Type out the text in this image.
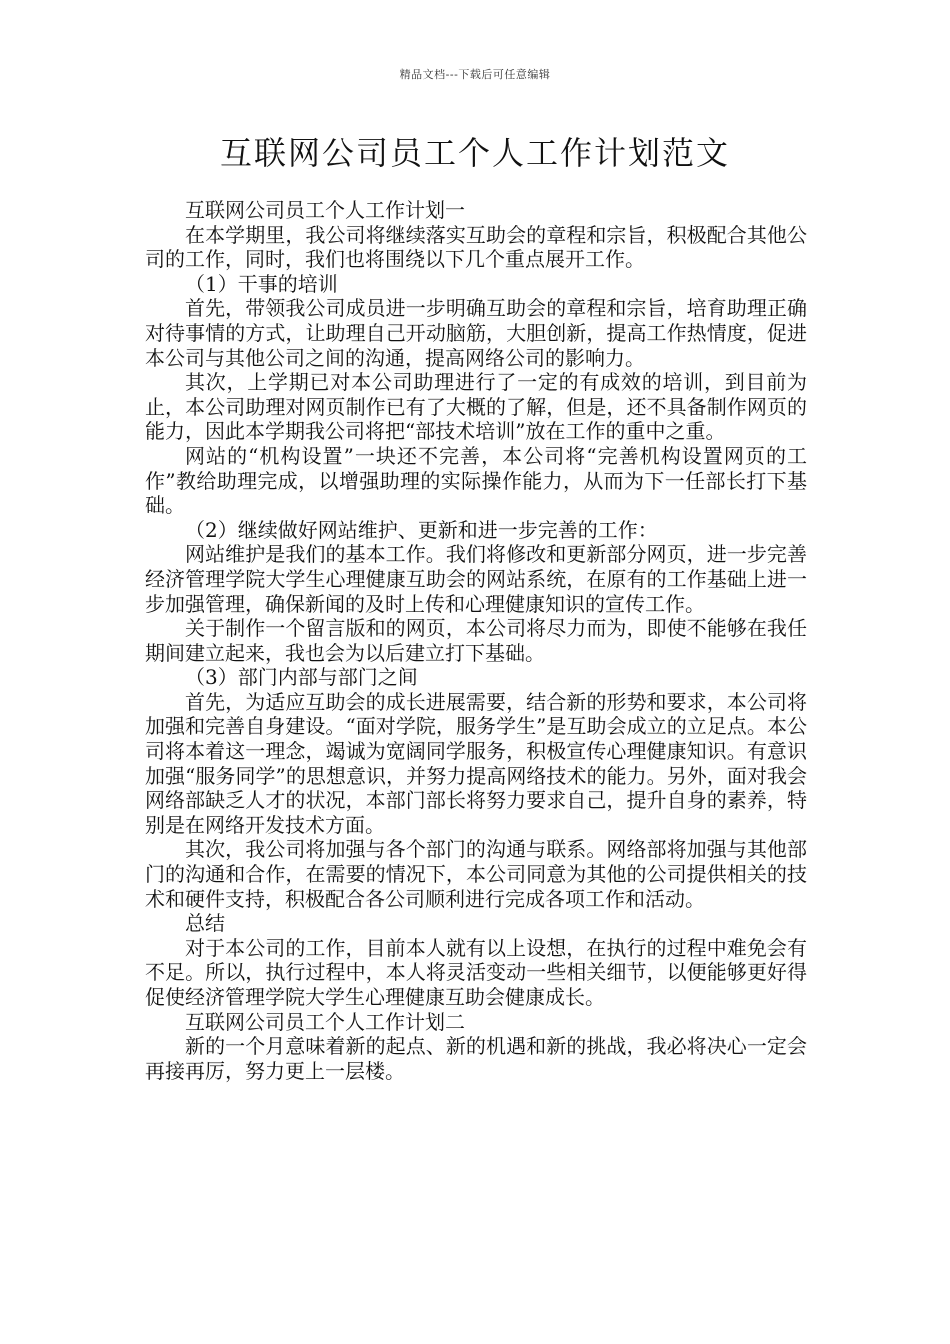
精品文档---下载后可任意编辑
互联网公司员工个人工作计划范文

互联网公司员工个人工作计划一

在本学期里，我公司将继续落实互助会的章程和宗旨，积极配合其他公司的工作，同时，我们也将围绕以下几个重点展开工作。

（1）干事的培训

首先，带领我公司成员进一步明确互助会的章程和宗旨，培育助理正确对待事情的方式，让助理自己开动脑筋，大胆创新，提高工作热情度，促进本公司与其他公司之间的沟通，提高网络公司的影响力。

其次，上学期已对本公司助理进行了一定的有成效的培训，到目前为止，本公司助理对网页制作已有了大概的了解，但是，还不具备制作网页的能力，因此本学期我公司将把“部技术培训”放在工作的重中之重。

网站的“机构设置”一块还不完善，本公司将“完善机构设置网页的工作”教给助理完成，以增强助理的实际操作能力，从而为下一任部长打下基础。

（2）继续做好网站维护、更新和进一步完善的工作：

网站维护是我们的基本工作。我们将修改和更新部分网页，进一步完善经济管理学院大学生心理健康互助会的网站系统，在原有的工作基础上进一步加强管理，确保新闻的及时上传和心理健康知识的宣传工作。

关于制作一个留言版和的网页，本公司将尽力而为，即使不能够在我任期间建立起来，我也会为以后建立打下基础。

（3）部门内部与部门之间

首先，为适应互助会的成长进展需要，结合新的形势和要求，本公司将加强和完善自身建设。“面对学院，服务学生”是互助会成立的立足点。本公司将本着这一理念，竭诚为宽阔同学服务，积极宣传心理健康知识。有意识加强“服务同学”的思想意识，并努力提高网络技术的能力。另外，面对我会网络部缺乏人才的状况，本部门部长将努力要求自己，提升自身的素养，特别是在网络开发技术方面。

其次，我公司将加强与各个部门的沟通与联系。网络部将加强与其他部门的沟通和合作，在需要的情况下，本公司同意为其他的公司提供相关的技术和硬件支持，积极配合各公司顺利进行完成各项工作和活动。

总结

对于本公司的工作，目前本人就有以上设想，在执行的过程中难免会有不足。所以，执行过程中，本人将灵活变动一些相关细节，以便能够更好得促使经济管理学院大学生心理健康互助会健康成长。

互联网公司员工个人工作计划二

新的一个月意味着新的起点、新的机遇和新的挑战，我必将决心一定会再接再厉，努力更上一层楼。
